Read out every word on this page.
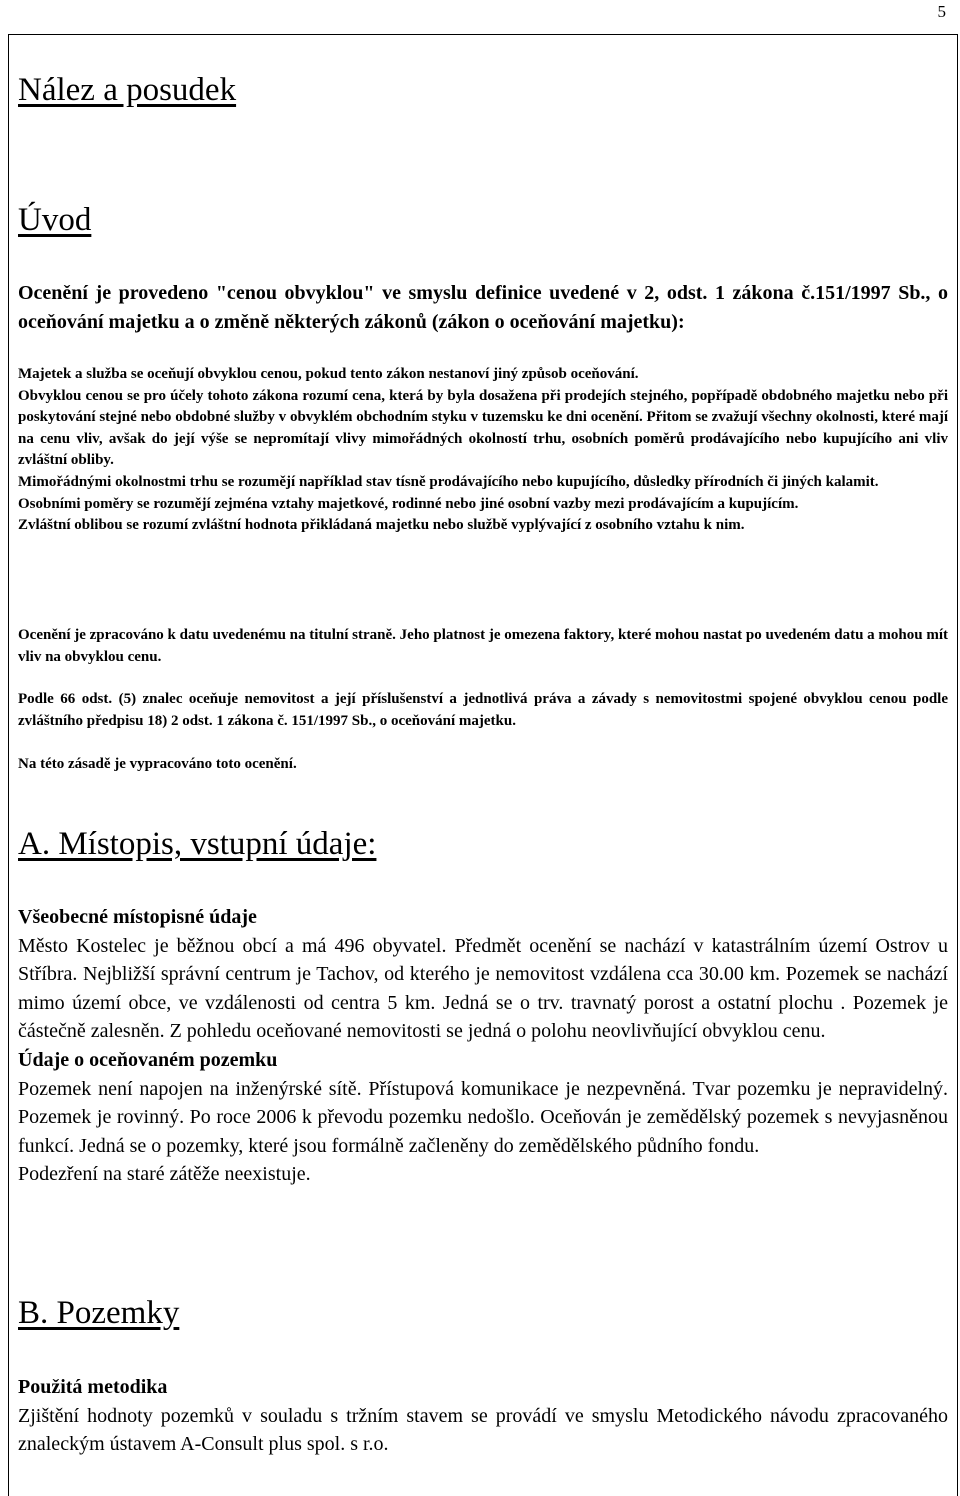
5
Nález a posudek
Úvod
Ocenění je provedeno "cenou obvyklou" ve smyslu definice uvedené v 2, odst. 1 zákona č.151/1997 Sb., o oceňování majetku a o změně některých zákonů (zákon o oceňování majetku):

Majetek a služba se oceňují obvyklou cenou, pokud tento zákon nestanoví jiný způsob oceňování.

Obvyklou cenou se pro účely tohoto zákona rozumí cena, která by byla dosažena při prodejích stejného, popřípadě obdobného majetku nebo při poskytování stejné nebo obdobné služby v obvyklém obchodním styku v tuzemsku ke dni ocenění. Přitom se zvažují všechny okolnosti, které mají na cenu vliv, avšak do její výše se nepromítají vlivy mimořádných okolností trhu, osobních poměrů prodávajícího nebo kupujícího ani vliv zvláštní obliby.

Mimořádnými okolnostmi trhu se rozumějí například stav tísně prodávajícího nebo kupujícího, důsledky přírodních či jiných kalamit.

Osobními poměry se rozumějí zejména vztahy majetkové, rodinné nebo jiné osobní vazby mezi prodávajícím a kupujícím.

Zvláštní oblibou se rozumí zvláštní hodnota přikládaná majetku nebo službě vyplývající z osobního vztahu k nim.

Ocenění je zpracováno k datu uvedenému na titulní straně. Jeho platnost je omezena faktory, které mohou nastat po uvedeném datu a mohou mít vliv na obvyklou cenu.
Podle 66 odst. (5) znalec oceňuje nemovitost a její příslušenství a jednotlivá práva a závady s nemovitostmi spojené obvyklou cenou podle zvláštního předpisu 18) 2 odst. 1 zákona č. 151/1997 Sb., o oceňování majetku.
Na této zásadě je vypracováno toto ocenění.
A. Místopis, vstupní údaje:

Všeobecné místopisné údaje

Město Kostelec je běžnou obcí a má 496 obyvatel. Předmět ocenění se nachází v katastrálním území Ostrov u Stříbra. Nejbližší správní centrum je Tachov, od kterého je nemovitost vzdálena cca 30.00 km. Pozemek se nachází mimo území obce, ve vzdálenosti od centra 5 km. Jedná se o trv. travnatý porost a ostatní plochu . Pozemek je částečně zalesněn. Z pohledu oceňované nemovitosti se jedná o polohu neovlivňující obvyklou cenu.

Údaje o oceňovaném pozemku

Pozemek není napojen na inženýrské sítě. Přístupová komunikace je nezpevněná. Tvar pozemku je nepravidelný. Pozemek je rovinný. Po roce 2006 k převodu pozemku nedošlo. Oceňován je zemědělský pozemek s nevyjasněnou funkcí. Jedná se o pozemky, které jsou formálně začleněny do zemědělského půdního fondu.

Podezření na staré zátěže neexistuje.

B. Pozemky

Použitá metodika

Zjištění hodnoty pozemků v souladu s tržním stavem se provádí ve smyslu Metodického návodu zpracovaného znaleckým ústavem A-Consult plus spol. s r.o.
